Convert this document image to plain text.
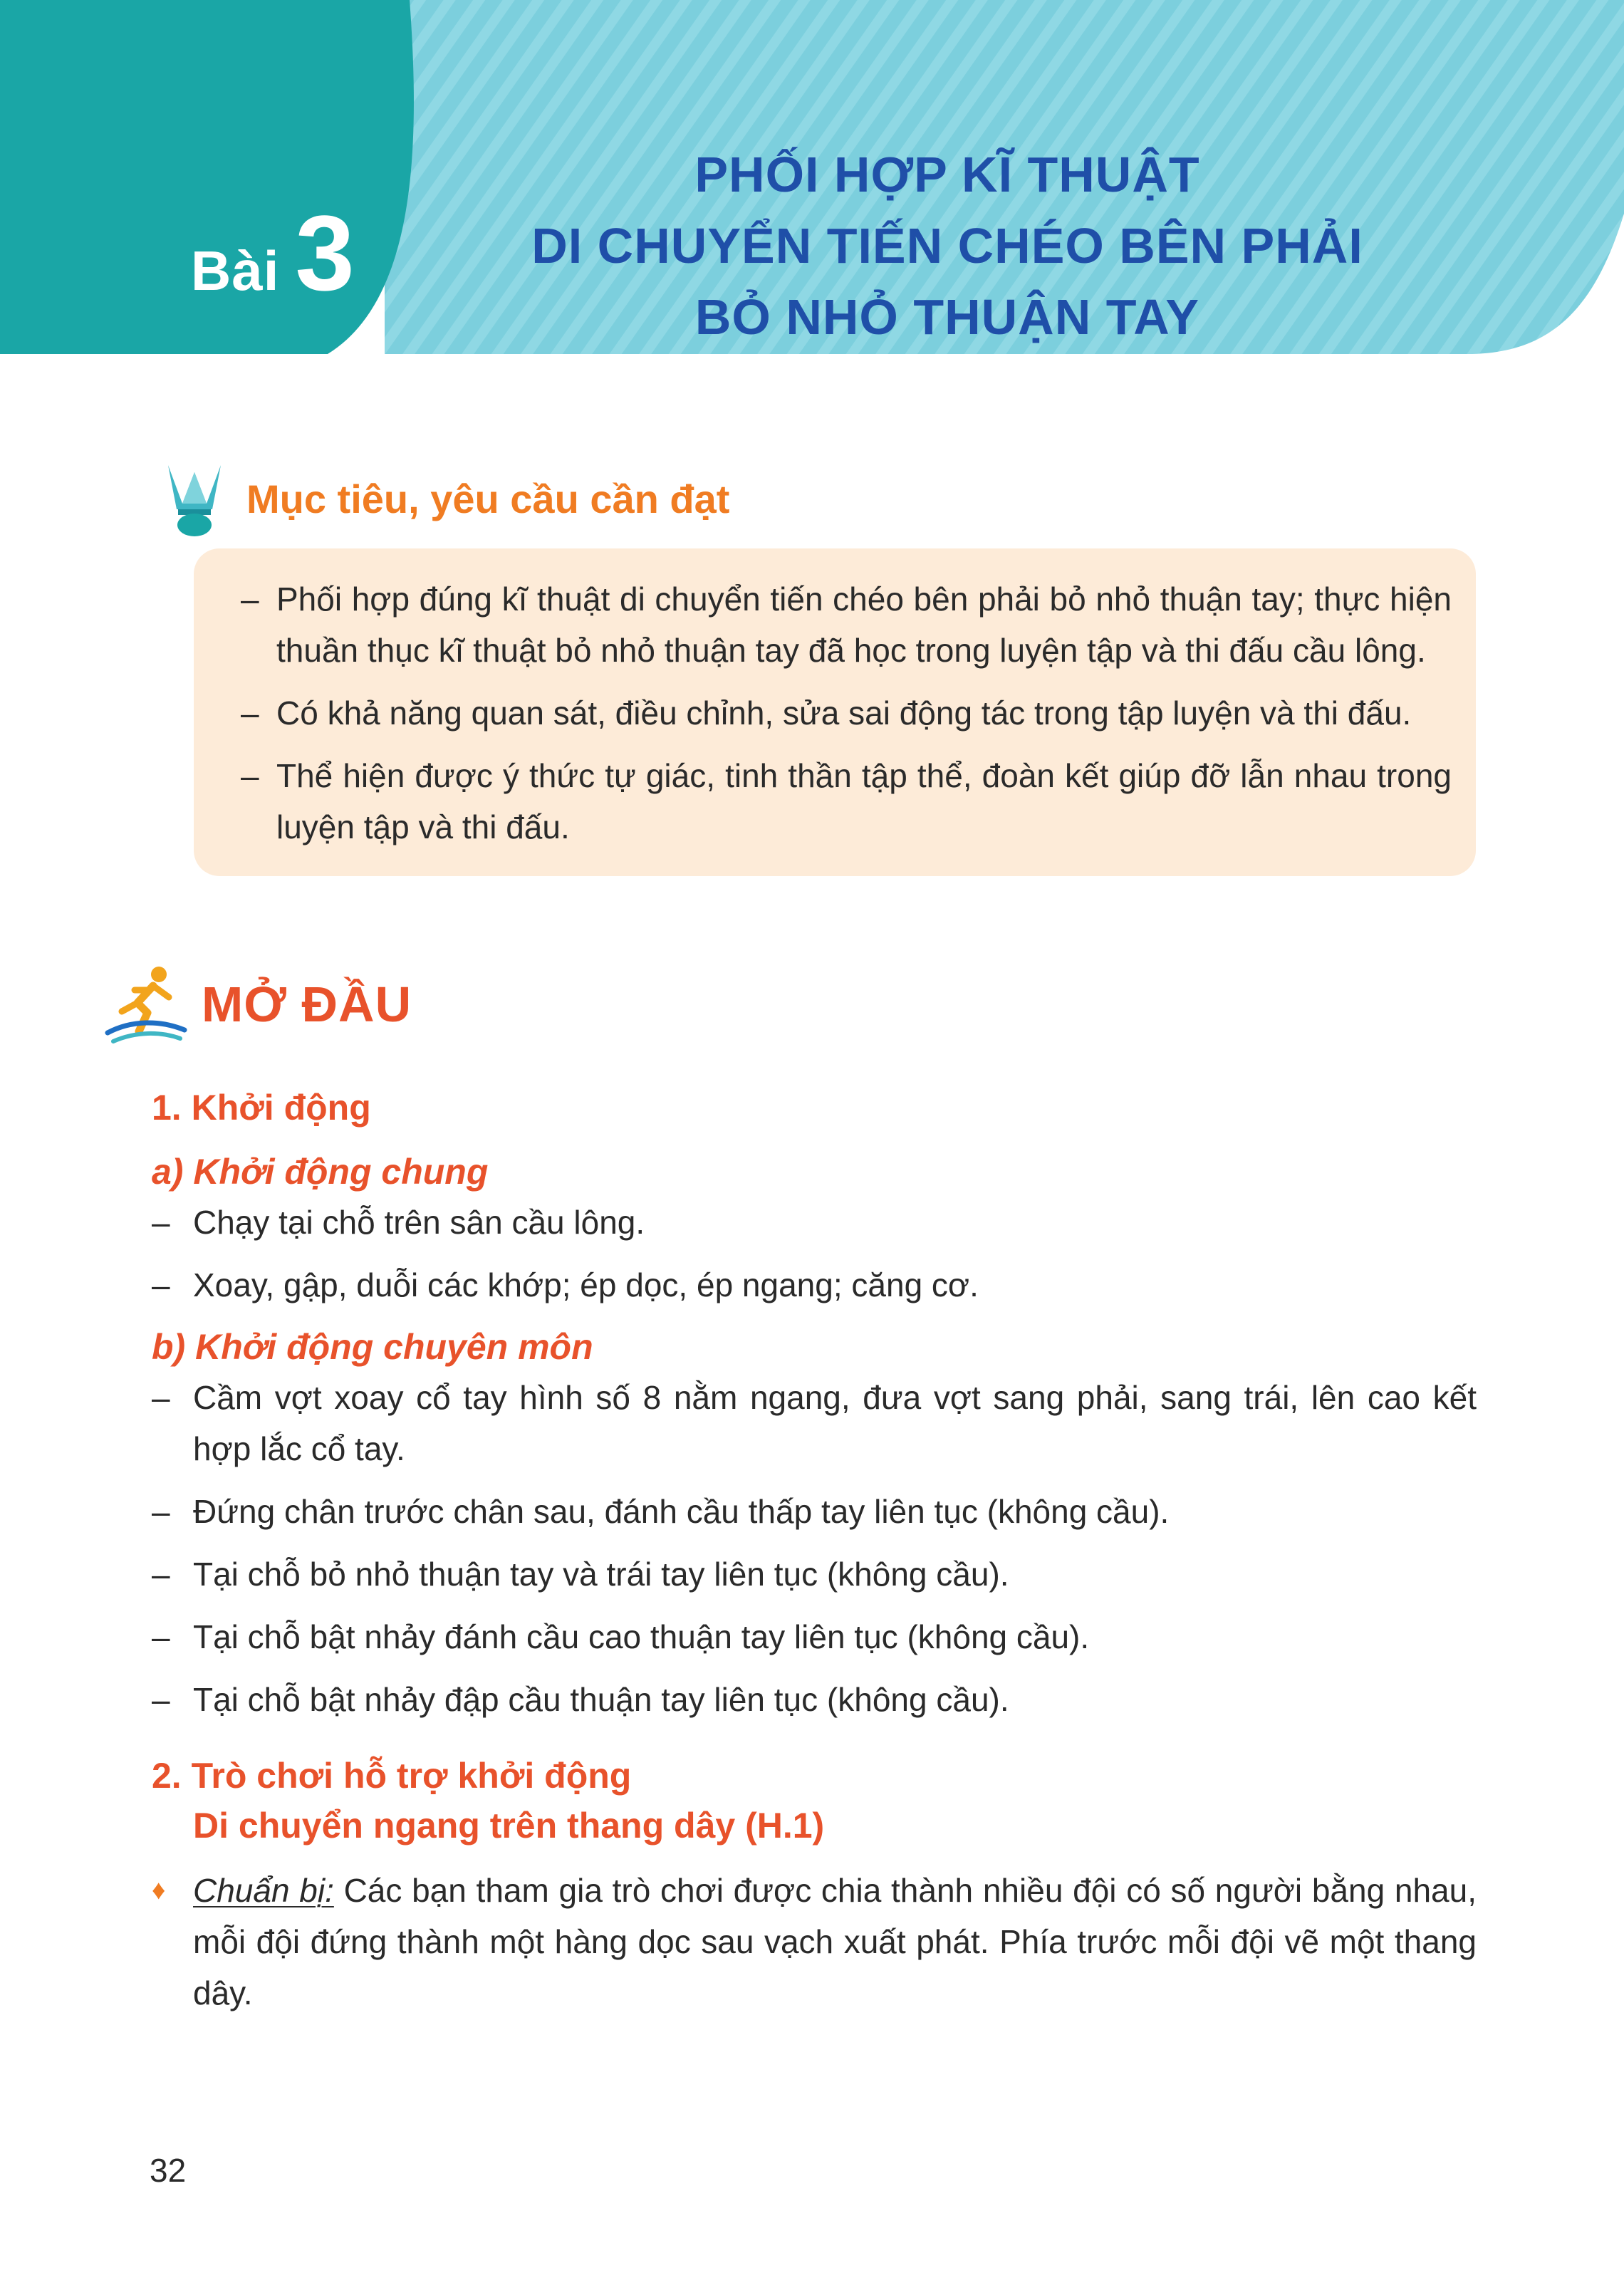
Bài 3
PHỐI HỢP KĨ THUẬT
DI CHUYỂN TIẾN CHÉO BÊN PHẢI
BỎ NHỎ THUẬN TAY
Mục tiêu, yêu cầu cần đạt
– Phối hợp đúng kĩ thuật di chuyển tiến chéo bên phải bỏ nhỏ thuận tay; thực hiện thuần thục kĩ thuật bỏ nhỏ thuận tay đã học trong luyện tập và thi đấu cầu lông.
– Có khả năng quan sát, điều chỉnh, sửa sai động tác trong tập luyện và thi đấu.
– Thể hiện được ý thức tự giác, tinh thần tập thể, đoàn kết giúp đỡ lẫn nhau trong luyện tập và thi đấu.
MỞ ĐẦU
1. Khởi động
a) Khởi động chung
– Chạy tại chỗ trên sân cầu lông.
– Xoay, gập, duỗi các khớp; ép dọc, ép ngang; căng cơ.
b) Khởi động chuyên môn
– Cầm vợt xoay cổ tay hình số 8 nằm ngang, đưa vợt sang phải, sang trái, lên cao kết hợp lắc cổ tay.
– Đứng chân trước chân sau, đánh cầu thấp tay liên tục (không cầu).
– Tại chỗ bỏ nhỏ thuận tay và trái tay liên tục (không cầu).
– Tại chỗ bật nhảy đánh cầu cao thuận tay liên tục (không cầu).
– Tại chỗ bật nhảy đập cầu thuận tay liên tục (không cầu).
2. Trò chơi hỗ trợ khởi động
Di chuyển ngang trên thang dây (H.1)
♦ Chuẩn bị: Các bạn tham gia trò chơi được chia thành nhiều đội có số người bằng nhau, mỗi đội đứng thành một hàng dọc sau vạch xuất phát. Phía trước mỗi đội vẽ một thang dây.
32
